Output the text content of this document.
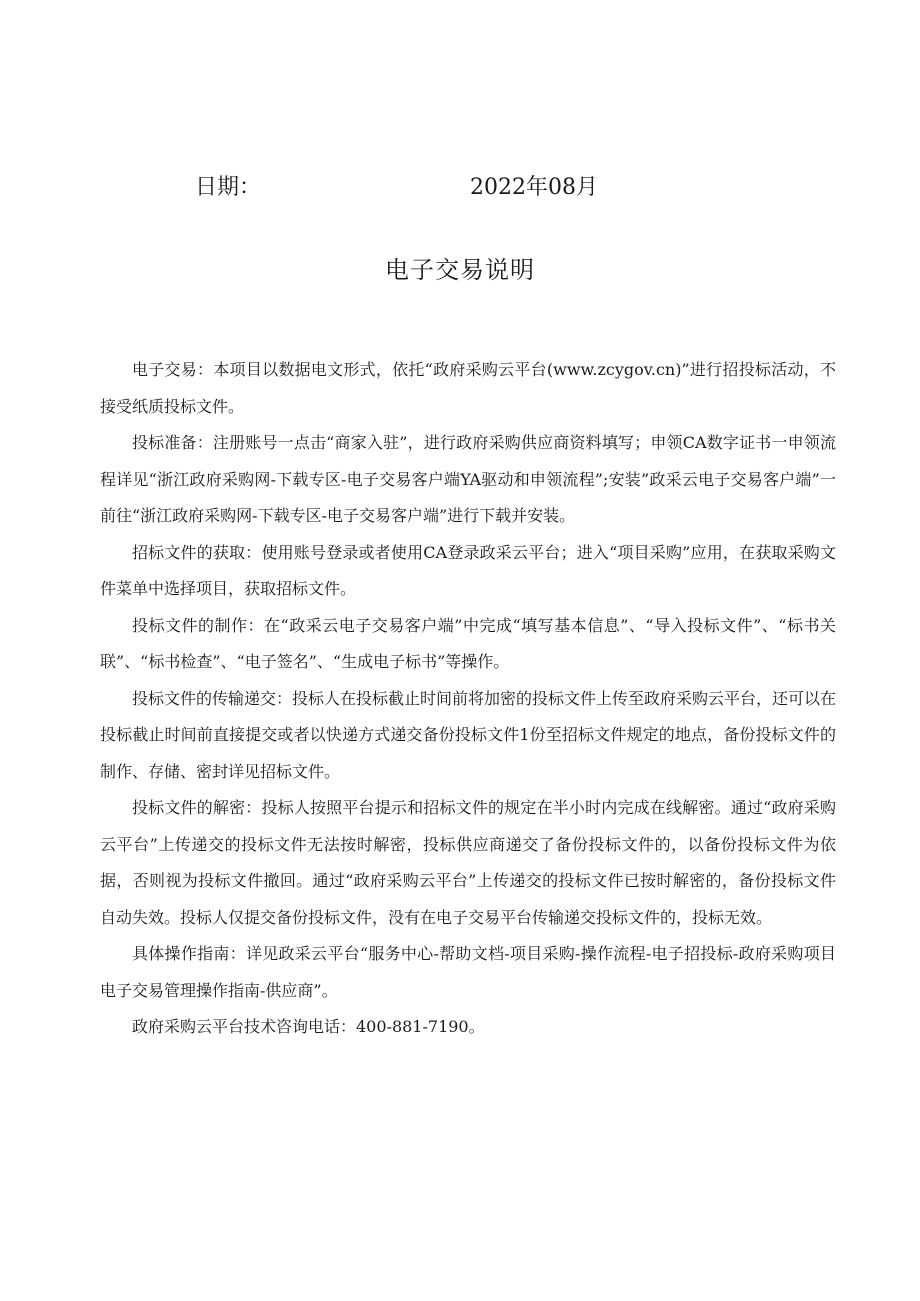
日期：	2022年08月
电子交易说明

电子交易：本项目以数据电文形式，依托“政府采购云平台(www.zcygov.cn)”进行招投标活动，不接受纸质投标文件。

投标准备：注册账号一点击“商家入驻”，进行政府采购供应商资料填写；申领CA数字证书一申领流程详见“浙江政府采购网-下载专区-电子交易客户端YA驱动和申领流程”;安装”政采云电子交易客户端”一前往“浙江政府采购网-下载专区-电子交易客户端”进行下载并安装。

招标文件的获取：使用账号登录或者使用CA登录政采云平台；进入“项目采购”应用，在获取采购文件菜单中选择项目，获取招标文件。

投标文件的制作：在“政采云电子交易客户端”中完成“填写基本信息”、“导入投标文件”、“标书关联”、“标书检查”、“电子签名”、“生成电子标书”等操作。

投标文件的传输递交：投标人在投标截止时间前将加密的投标文件上传至政府采购云平台，还可以在投标截止时间前直接提交或者以快递方式递交备份投标文件1份至招标文件规定的地点，备份投标文件的制作、存储、密封详见招标文件。

投标文件的解密：投标人按照平台提示和招标文件的规定在半小时内完成在线解密。通过“政府采购云平台”上传递交的投标文件无法按时解密，投标供应商递交了备份投标文件的，以备份投标文件为依据，否则视为投标文件撤回。通过“政府采购云平台”上传递交的投标文件已按时解密的，备份投标文件自动失效。投标人仅提交备份投标文件，没有在电子交易平台传输递交投标文件的，投标无效。

具体操作指南：详见政采云平台“服务中心-帮助文档-项目采购-操作流程-电子招投标-政府采购项目电子交易管理操作指南-供应商”。

政府采购云平台技术咨询电话：400-881-7190。
